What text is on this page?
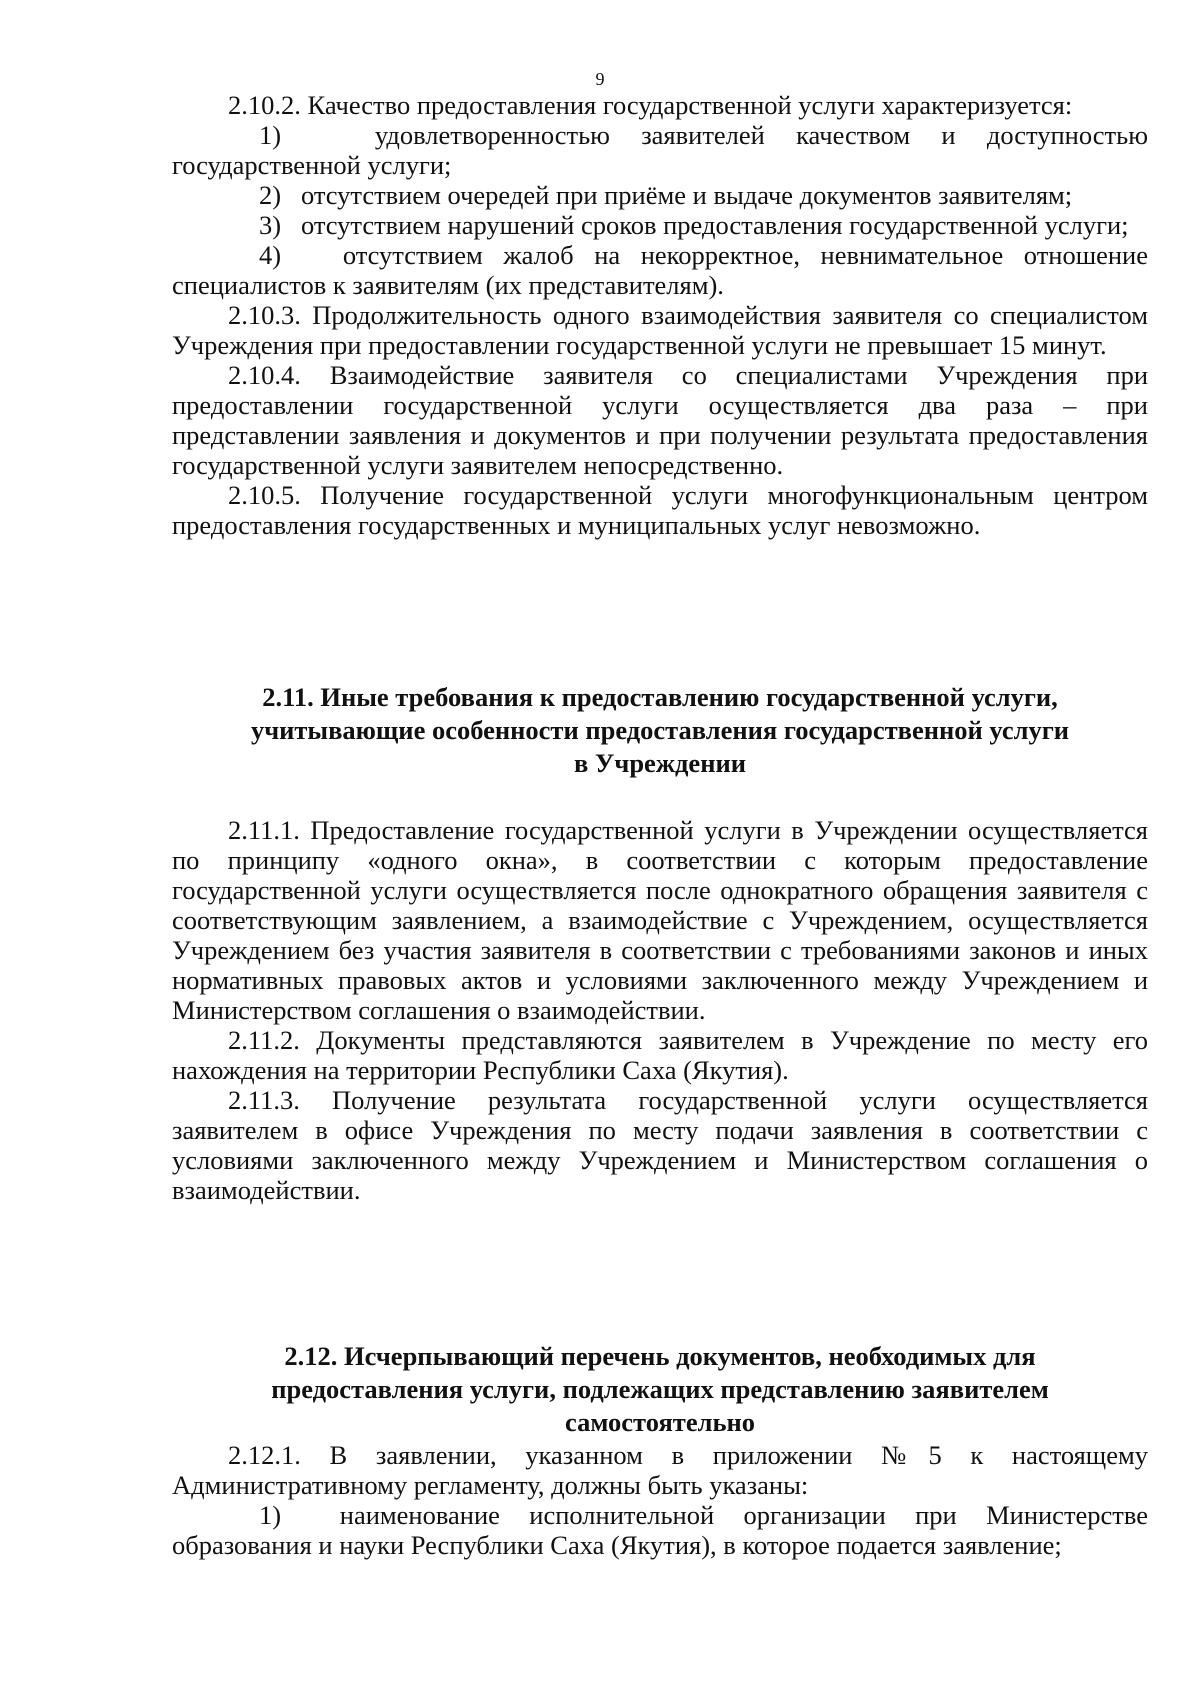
9

2.10.2. Качество предоставления государственной услуги характеризуется:

1)   удовлетворенностью заявителей качеством и доступностью государственной услуги;

2)   отсутствием очередей при приёме и выдаче документов заявителям;

3)   отсутствием нарушений сроков предоставления государственной услуги;

4)   отсутствием жалоб на некорректное, невнимательное отношение специалистов к заявителям (их представителям).

2.10.3. Продолжительность одного взаимодействия заявителя со специалистом Учреждения при предоставлении государственной услуги не превышает 15 минут.

2.10.4. Взаимодействие заявителя со специалистами Учреждения при предоставлении государственной услуги осуществляется два раза – при представлении заявления и документов и при получении результата предоставления государственной услуги заявителем непосредственно.

2.10.5. Получение государственной услуги многофункциональным центром предоставления государственных и муниципальных услуг невозможно.

2.11. Иные требования к предоставлению государственной услуги,
учитывающие особенности предоставления государственной услуги
в Учреждении

2.11.1. Предоставление государственной услуги в Учреждении осуществляется по принципу «одного окна», в соответствии с которым предоставление государственной услуги осуществляется после однократного обращения заявителя с соответствующим заявлением, а взаимодействие с Учреждением, осуществляется Учреждением без участия заявителя в соответствии с требованиями законов и иных нормативных правовых актов и условиями заключенного между Учреждением и Министерством соглашения о взаимодействии.

2.11.2. Документы представляются заявителем в Учреждение по месту его нахождения на территории Республики Саха (Якутия).

2.11.3. Получение результата государственной услуги осуществляется заявителем в офисе Учреждения по месту подачи заявления в соответствии с условиями заключенного между Учреждением и Министерством соглашения о взаимодействии.

2.12. Исчерпывающий перечень документов, необходимых для
предоставления услуги, подлежащих представлению заявителем
самостоятельно

2.12.1. В заявлении, указанном в приложении №5 к настоящему Административному регламенту, должны быть указаны:

1)  наименование исполнительной организации при Министерстве образования и науки Республики Саха (Якутия), в которое подается заявление;
